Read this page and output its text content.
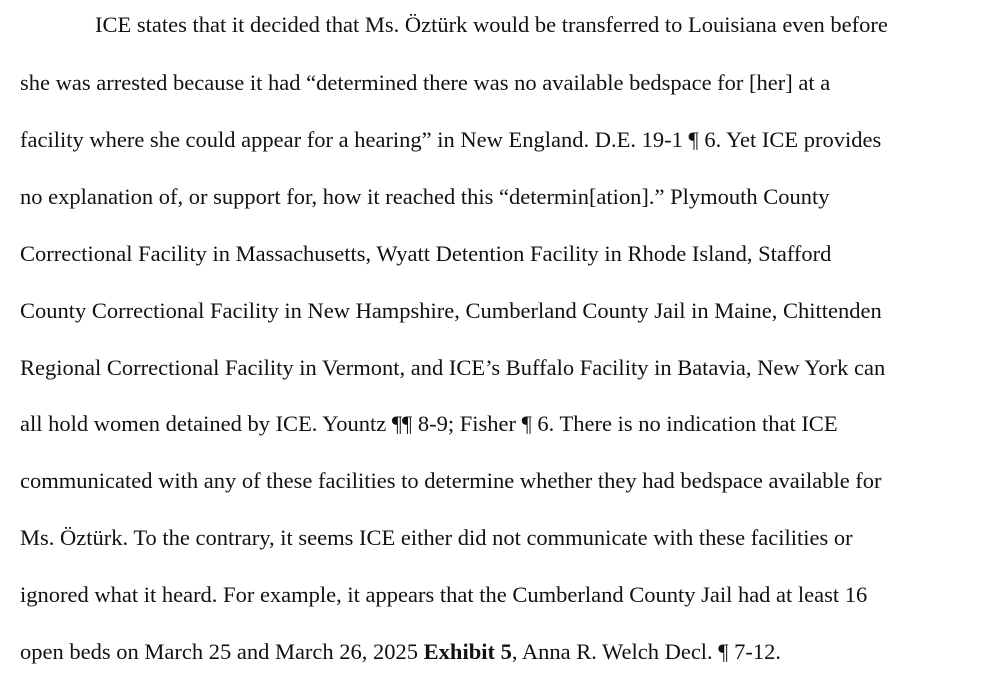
ICE states that it decided that Ms. Öztürk would be transferred to Louisiana even before
she was arrested because it had “determined there was no available bedspace for [her] at a
facility where she could appear for a hearing” in New England. D.E. 19-1 ¶ 6. Yet ICE provides
no explanation of, or support for, how it reached this “determin[ation].” Plymouth County
Correctional Facility in Massachusetts, Wyatt Detention Facility in Rhode Island, Stafford
County Correctional Facility in New Hampshire, Cumberland County Jail in Maine, Chittenden
Regional Correctional Facility in Vermont, and ICE’s Buffalo Facility in Batavia, New York can
all hold women detained by ICE. Yountz ¶¶ 8-9; Fisher ¶ 6. There is no indication that ICE
communicated with any of these facilities to determine whether they had bedspace available for
Ms. Öztürk. To the contrary, it seems ICE either did not communicate with these facilities or
ignored what it heard. For example, it appears that the Cumberland County Jail had at least 16
open beds on March 25 and March 26, 2025 Exhibit 5, Anna R. Welch Decl. ¶ 7-12.
